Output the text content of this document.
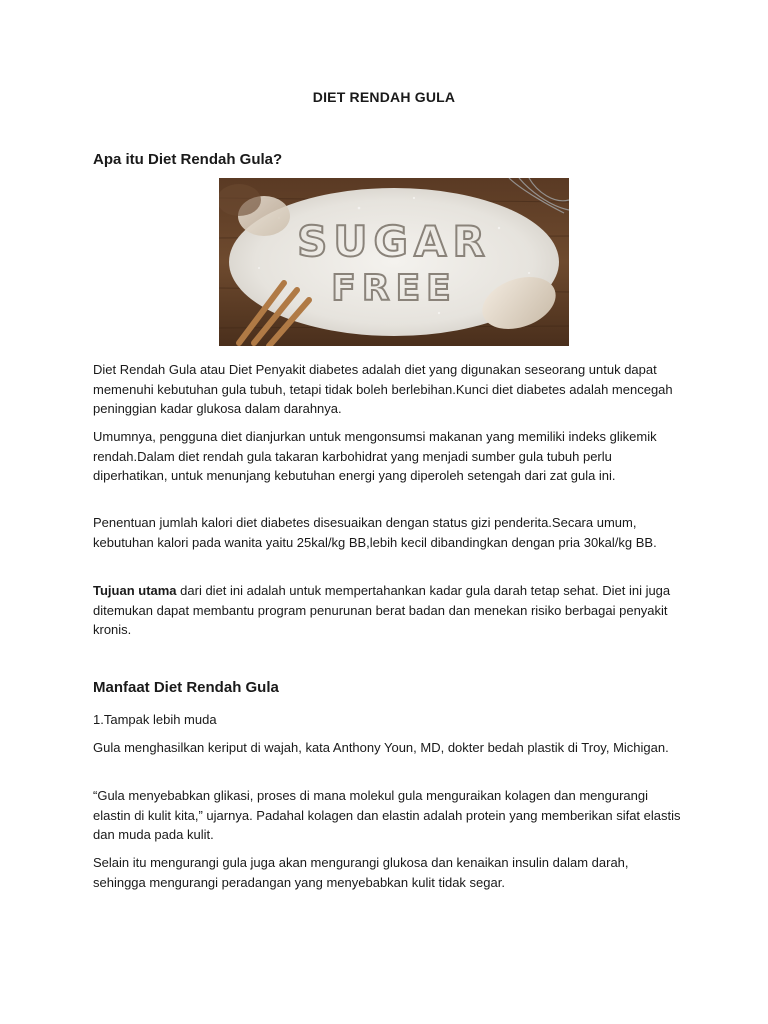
DIET RENDAH GULA
Apa itu Diet Rendah Gula?
SUGAR
FREE

Diet Rendah Gula atau Diet Penyakit diabetes adalah diet yang digunakan seseorang untuk dapat memenuhi kebutuhan gula tubuh, tetapi tidak boleh berlebihan.Kunci diet diabetes adalah mencegah peninggian kadar glukosa dalam darahnya.

Umumnya, pengguna diet dianjurkan untuk mengonsumsi makanan yang memiliki indeks glikemik rendah.Dalam diet rendah gula takaran karbohidrat yang menjadi sumber gula tubuh perlu diperhatikan, untuk menunjang kebutuhan energi yang diperoleh setengah dari zat gula ini.

Penentuan jumlah kalori diet diabetes disesuaikan dengan status gizi penderita.Secara umum, kebutuhan kalori pada wanita yaitu 25kal/kg BB,lebih kecil dibandingkan dengan pria 30kal/kg BB.

Tujuan utama dari diet ini adalah untuk mempertahankan kadar gula darah tetap sehat. Diet ini juga ditemukan dapat membantu program penurunan berat badan dan menekan risiko berbagai penyakit kronis.

Manfaat Diet Rendah Gula

1.Tampak lebih muda

Gula menghasilkan keriput di wajah, kata Anthony Youn, MD, dokter bedah plastik di Troy, Michigan.

“Gula menyebabkan glikasi, proses di mana molekul gula menguraikan kolagen dan mengurangi elastin di kulit kita,” ujarnya. Padahal kolagen dan elastin adalah protein yang memberikan sifat elastis dan muda pada kulit.

Selain itu mengurangi gula juga akan mengurangi glukosa dan kenaikan insulin dalam darah, sehingga mengurangi peradangan yang menyebabkan kulit tidak segar.
